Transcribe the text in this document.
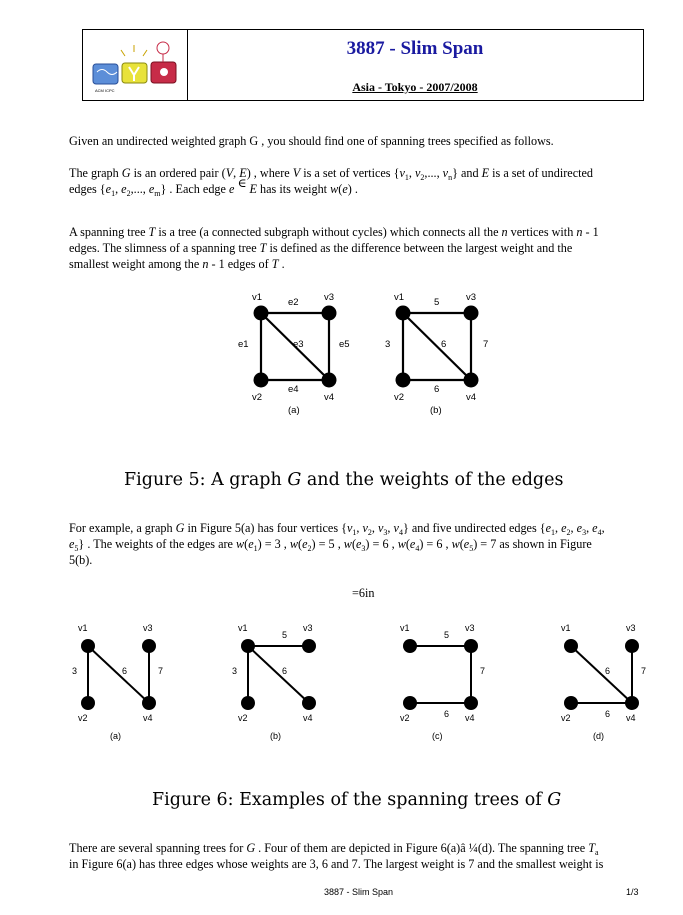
ACM ICPC
3887 - Slim Span
Asia - Tokyo - 2007/2008
Given an undirected weighted graph G , you should find one of spanning trees specified as follows.
The graph G is an ordered pair (V, E) , where V is a set of vertices {$v_1$, $v_2$,..., $v_n$} and E is a set of undirected
edges {$e_1$, $e_2$,..., $e_m$} . Each edge e ∈ E has its weight w(e) .
A spanning tree T is a tree (a connected subgraph without cycles) which connects all the n vertices with n - 1
edges. The slimness of a spanning tree T is defined as the difference between the largest weight and the
smallest weight among the n - 1 edges of T .
v1	v3
v2	v4
e2
e1	e3	e5
e4
(a)
v1	v3
v2	v4
5
3	6	7
6
(b)
Figure 5: A graph G and the weights of the edges
For example, a graph G in Figure 5(a) has four vertices {$v_1$, $v_2$, $v_3$, $v_4$} and five undirected edges {$e_1$, $e_2$, $e_3$, $e_4$,
$e_5$} . The weights of the edges are $w(e_1) = 3$ , $w(e_2) = 5$ , $w(e_3) = 6$ , $w(e_4) = 6$ , $w(e_5) = 7$ as shown in Figure
5(b).
=6in
3	6	7
v1	v3
v2	v4
(a)
5
3	6
v1	v3
v2	v4
(b)
5
7
6
v1	v3
v2	v4
(c)
6	7
6
v1	v3
v2	v4
(d)
Figure 6: Examples of the spanning trees of G
There are several spanning trees for G . Four of them are depicted in Figure 6(a)â ¼(d). The spanning tree $T_a$
in Figure 6(a) has three edges whose weights are 3, 6 and 7. The largest weight is 7 and the smallest weight is
3887 - Slim Span	1/3
